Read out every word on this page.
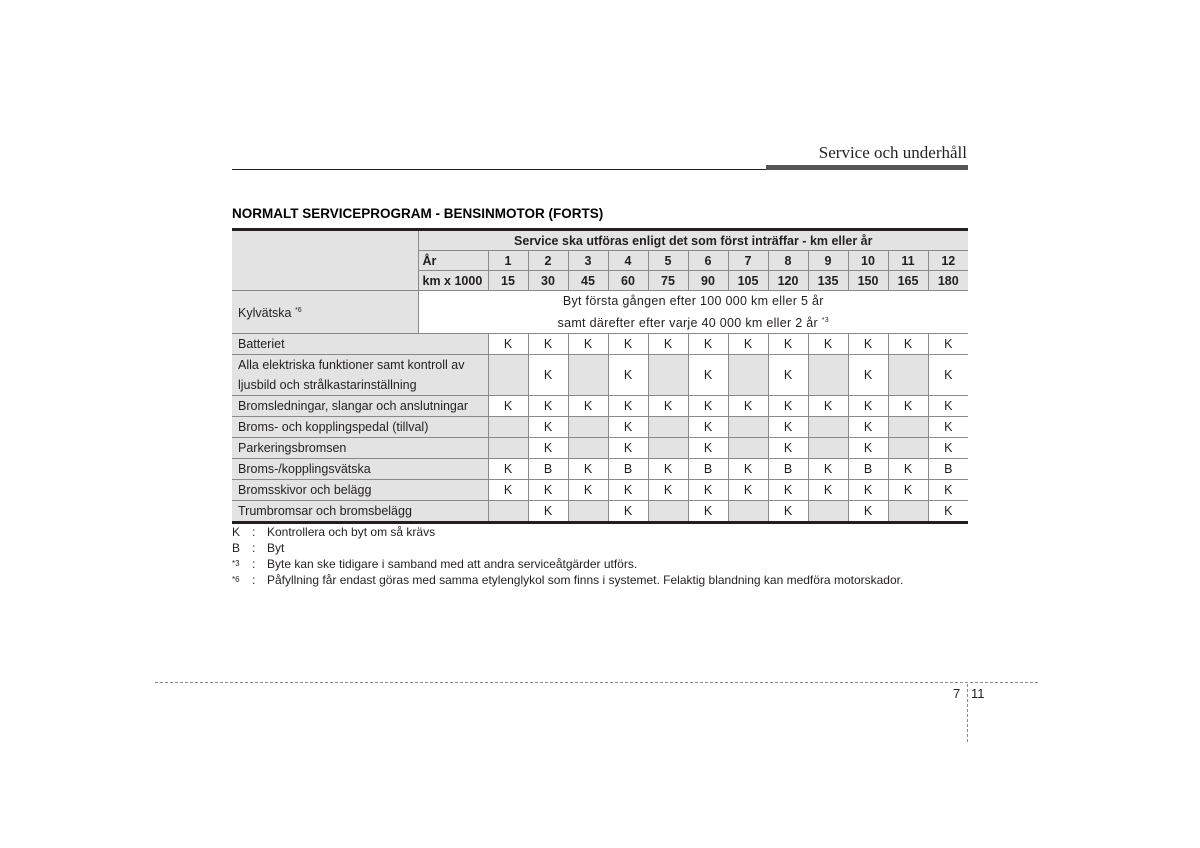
Service och underhåll
NORMALT SERVICEPROGRAM - BENSINMOTOR (FORTS)
	Service ska utföras enligt det som först inträffar - km eller år												
	År	1	2	3	4	5	6	7	8	9	10	11	12
	km x 1000	15	30	45	60	75	90	105	120	135	150	165	180
Kylvätska $^{*6}$	Byt första gången efter 100 000 km eller 5 år
samt därefter efter varje 40 000 km eller 2 år $^{*3}$

Batteriet		K	K	K	K	K	K	K	K	K	K	K	K
Alla elektriska funktioner samt kontroll av ljusbild och strålkastarinställning			K		K		K		K		K		K
Bromsledningar, slangar och anslutningar		K	K	K	K	K	K	K	K	K	K	K	K
Broms- och kopplingspedal (tillval)			K		K		K		K		K		K
Parkeringsbromsen			K		K		K		K		K		K
Broms-/kopplingsvätska		K	B	K	B	K	B	K	B	K	B	K	B
Bromsskivor och belägg		K	K	K	K	K	K	K	K	K	K	K	K
Trumbromsar och bromsbelägg			K		K		K		K		K		K
K : Kontrollera och byt om så krävs
B : Byt
*3	: Byte kan ske tidigare i samband med att andra serviceåtgärder utförs.
*6	: Påfyllning får endast göras med samma etylenglykol som finns i systemet. Felaktig blandning kan medföra motorskador.
7 11
